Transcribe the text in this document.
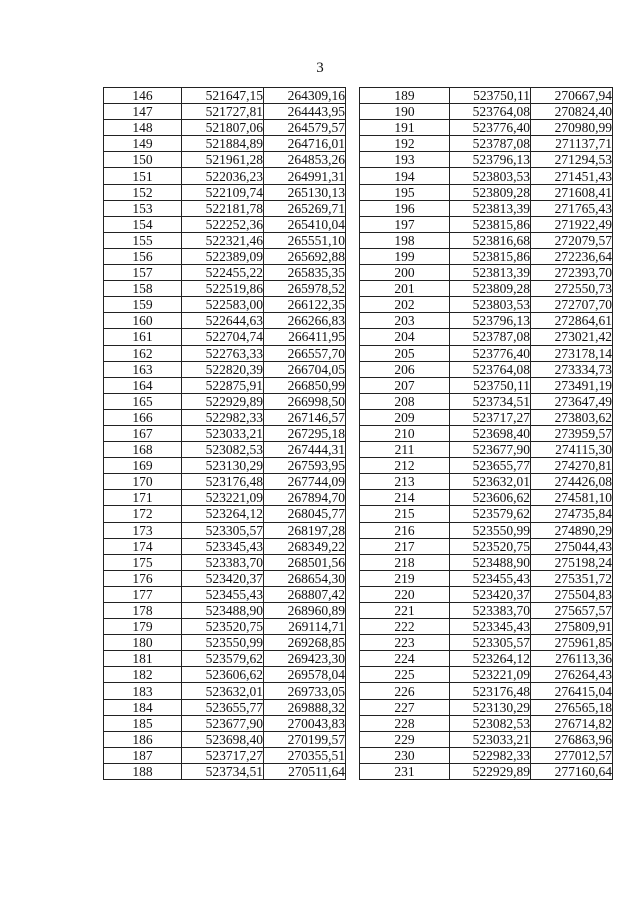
3
146	521647,15	264309,16
147	521727,81	264443,95
148	521807,06	264579,57
149	521884,89	264716,01
150	521961,28	264853,26
151	522036,23	264991,31
152	522109,74	265130,13
153	522181,78	265269,71
154	522252,36	265410,04
155	522321,46	265551,10
156	522389,09	265692,88
157	522455,22	265835,35
158	522519,86	265978,52
159	522583,00	266122,35
160	522644,63	266266,83
161	522704,74	266411,95
162	522763,33	266557,70
163	522820,39	266704,05
164	522875,91	266850,99
165	522929,89	266998,50
166	522982,33	267146,57
167	523033,21	267295,18
168	523082,53	267444,31
169	523130,29	267593,95
170	523176,48	267744,09
171	523221,09	267894,70
172	523264,12	268045,77
173	523305,57	268197,28
174	523345,43	268349,22
175	523383,70	268501,56
176	523420,37	268654,30
177	523455,43	268807,42
178	523488,90	268960,89
179	523520,75	269114,71
180	523550,99	269268,85
181	523579,62	269423,30
182	523606,62	269578,04
183	523632,01	269733,05
184	523655,77	269888,32
185	523677,90	270043,83
186	523698,40	270199,57
187	523717,27	270355,51
188	523734,51	270511,64
189	523750,11	270667,94
190	523764,08	270824,40
191	523776,40	270980,99
192	523787,08	271137,71
193	523796,13	271294,53
194	523803,53	271451,43
195	523809,28	271608,41
196	523813,39	271765,43
197	523815,86	271922,49
198	523816,68	272079,57
199	523815,86	272236,64
200	523813,39	272393,70
201	523809,28	272550,73
202	523803,53	272707,70
203	523796,13	272864,61
204	523787,08	273021,42
205	523776,40	273178,14
206	523764,08	273334,73
207	523750,11	273491,19
208	523734,51	273647,49
209	523717,27	273803,62
210	523698,40	273959,57
211	523677,90	274115,30
212	523655,77	274270,81
213	523632,01	274426,08
214	523606,62	274581,10
215	523579,62	274735,84
216	523550,99	274890,29
217	523520,75	275044,43
218	523488,90	275198,24
219	523455,43	275351,72
220	523420,37	275504,83
221	523383,70	275657,57
222	523345,43	275809,91
223	523305,57	275961,85
224	523264,12	276113,36
225	523221,09	276264,43
226	523176,48	276415,04
227	523130,29	276565,18
228	523082,53	276714,82
229	523033,21	276863,96
230	522982,33	277012,57
231	522929,89	277160,64
